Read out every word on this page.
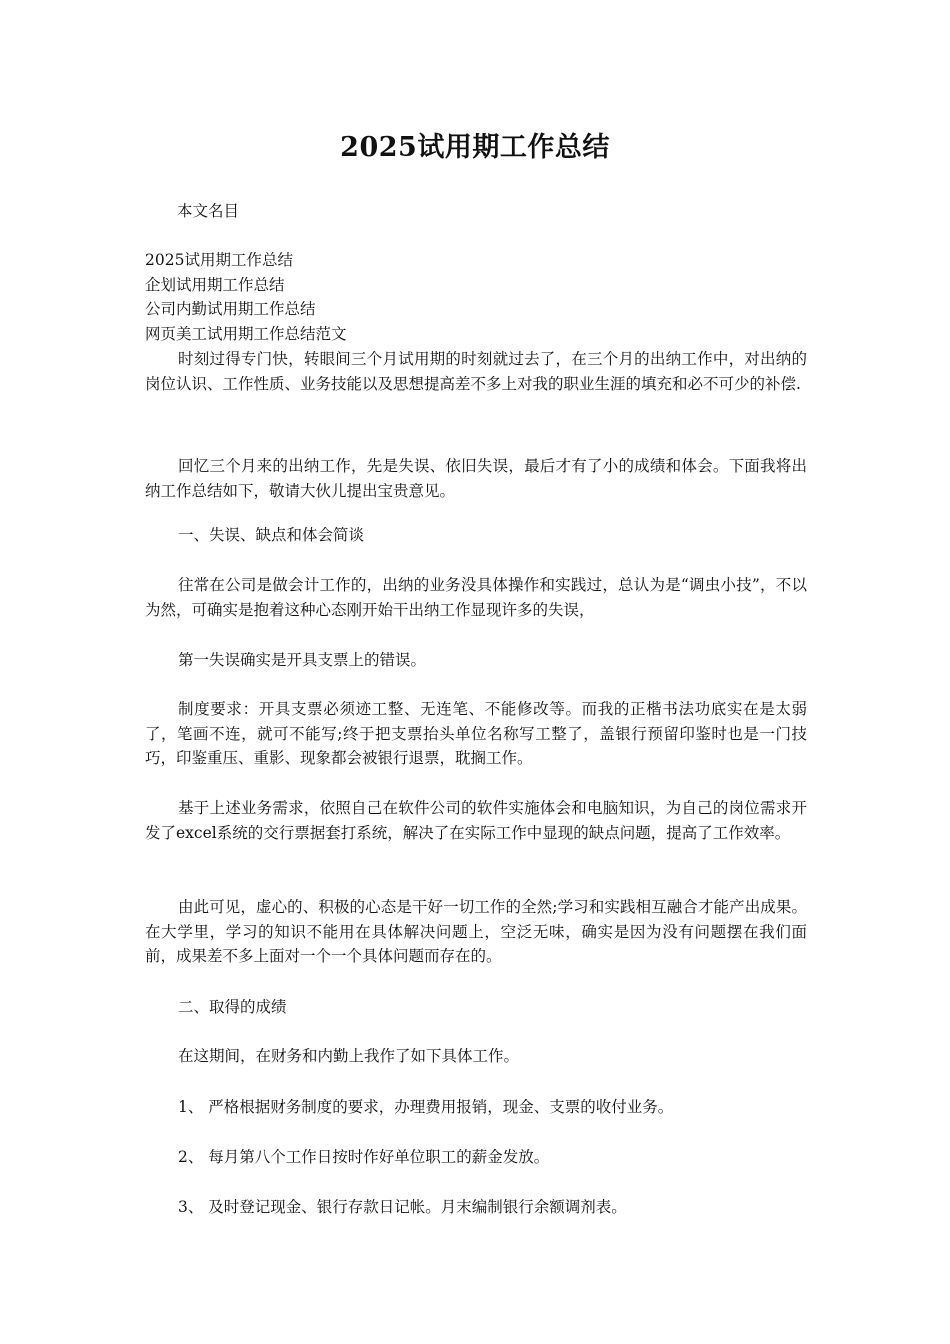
2025试用期工作总结
本文名目
2025试用期工作总结
企划试用期工作总结
公司内勤试用期工作总结
网页美工试用期工作总结范文
时刻过得专门快，转眼间三个月试用期的时刻就过去了，在三个月的出纳工作中，对出纳的岗位认识、工作性质、业务技能以及思想提高差不多上对我的职业生涯的填充和必不可少的补偿.
回忆三个月来的出纳工作，先是失误、依旧失误，最后才有了小的成绩和体会。下面我将出纳工作总结如下，敬请大伙儿提出宝贵意见。
一、失误、缺点和体会简谈
往常在公司是做会计工作的，出纳的业务没具体操作和实践过，总认为是“调虫小技”，不以为然，可确实是抱着这种心态刚开始干出纳工作显现许多的失误，
第一失误确实是开具支票上的错误。
制度要求：开具支票必须迹工整、无连笔、不能修改等。而我的正楷书法功底实在是太弱了，笔画不连，就可不能写;终于把支票抬头单位名称写工整了，盖银行预留印鉴时也是一门技巧，印鉴重压、重影、现象都会被银行退票，耽搁工作。
基于上述业务需求，依照自己在软件公司的软件实施体会和电脑知识，为自己的岗位需求开发了excel系统的交行票据套打系统，解决了在实际工作中显现的缺点问题，提高了工作效率。
由此可见，虚心的、积极的心态是干好一切工作的全然;学习和实践相互融合才能产出成果。在大学里，学习的知识不能用在具体解决问题上，空泛无味，确实是因为没有问题摆在我们面前，成果差不多上面对一个一个具体问题而存在的。
二、取得的成绩
在这期间，在财务和内勤上我作了如下具体工作。
1、 严格根据财务制度的要求，办理费用报销，现金、支票的收付业务。
2、 每月第八个工作日按时作好单位职工的薪金发放。
3、 及时登记现金、银行存款日记帐。月末编制银行余额调剂表。
